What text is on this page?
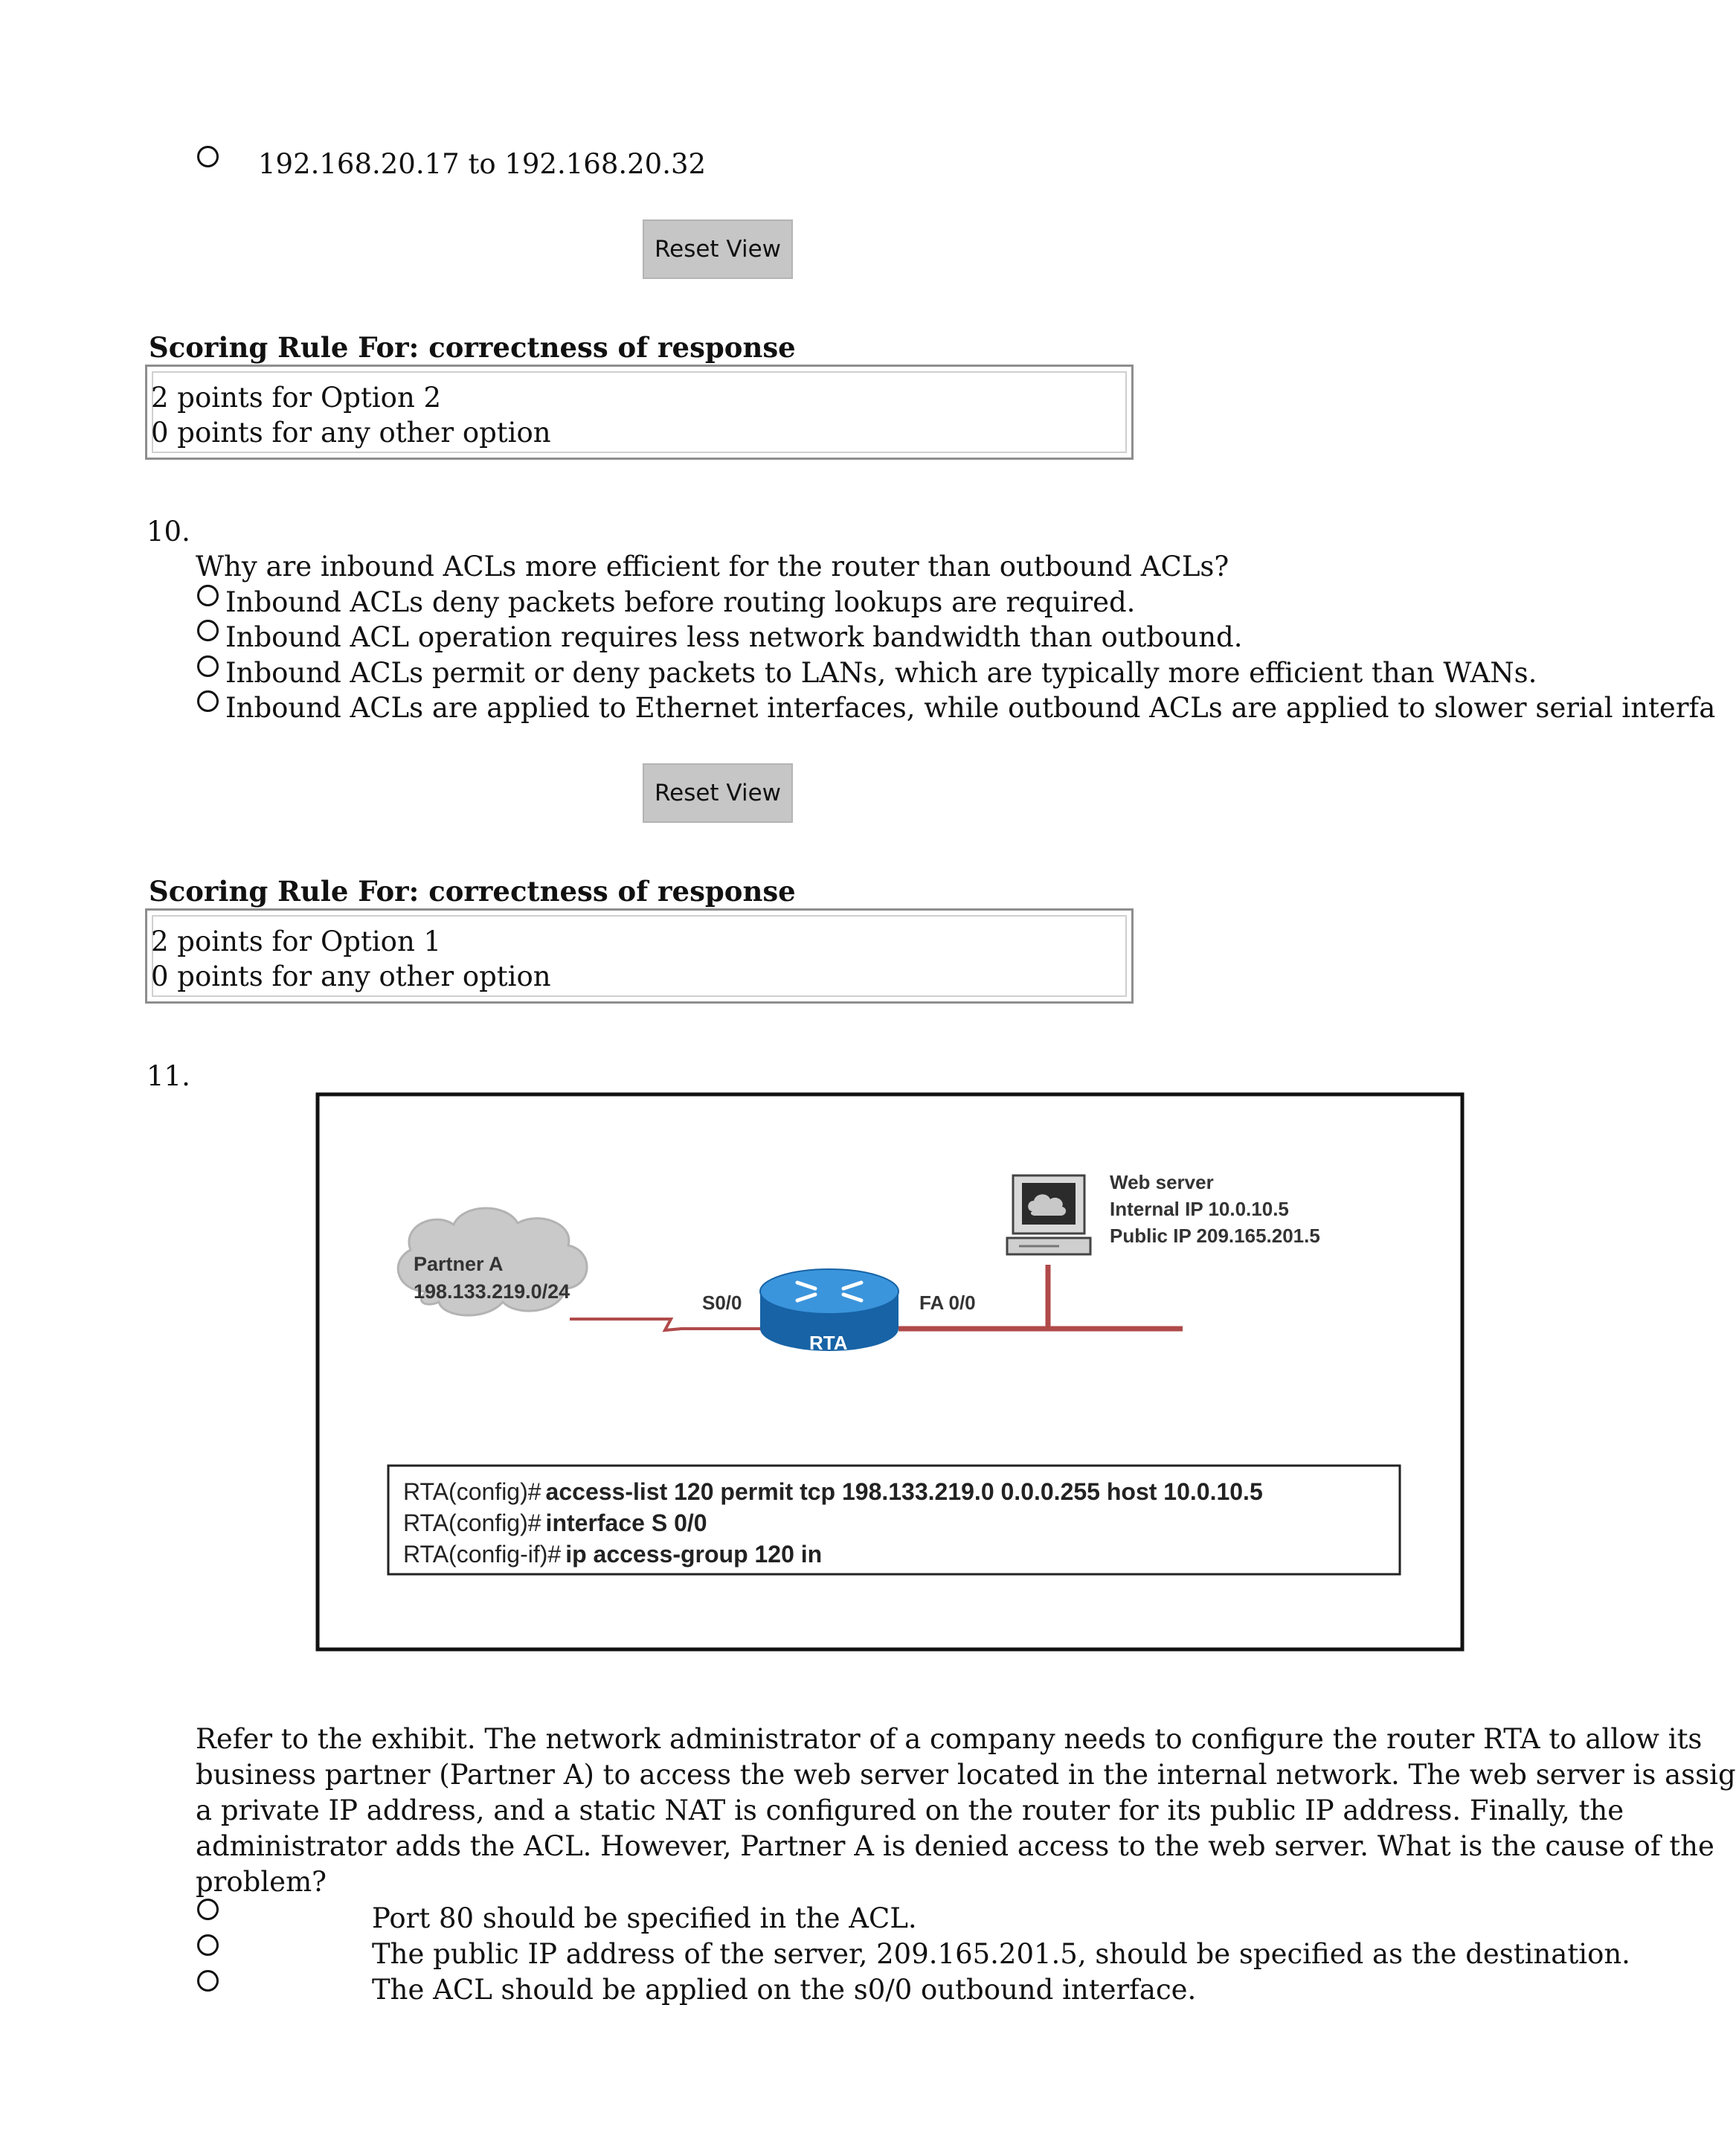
192.168.20.17 to 192.168.20.32
Reset View
Scoring Rule For: correctness of response
2 points for Option 2
0 points for any other option
10.
Why are inbound ACLs more efficient for the router than outbound ACLs?
Inbound ACLs deny packets before routing lookups are required.
Inbound ACL operation requires less network bandwidth than outbound.
Inbound ACLs permit or deny packets to LANs, which are typically more efficient than WANs.
Inbound ACLs are applied to Ethernet interfaces, while outbound ACLs are applied to slower serial interfa
Reset View
Scoring Rule For: correctness of response
2 points for Option 1
0 points for any other option
11.
Partner A
198.133.219.0/24	S0/0
RTA
FA 0/0
Web server
Internal IP 10.0.10.5
Public IP 209.165.201.5
RTA(config)# access-list 120 permit tcp 198.133.219.0 0.0.0.255 host 10.0.10.5
RTA(config)# interface S 0/0
RTA(config-if)# ip access-group 120 in
Refer to the exhibit. The network administrator of a company needs to configure the router RTA to allow its
business partner (Partner A) to access the web server located in the internal network. The web server is assig
a private IP address, and a static NAT is configured on the router for its public IP address. Finally, the
administrator adds the ACL. However, Partner A is denied access to the web server. What is the cause of the
problem?
Port 80 should be specified in the ACL.
The public IP address of the server, 209.165.201.5, should be specified as the destination.
The ACL should be applied on the s0/0 outbound interface.
